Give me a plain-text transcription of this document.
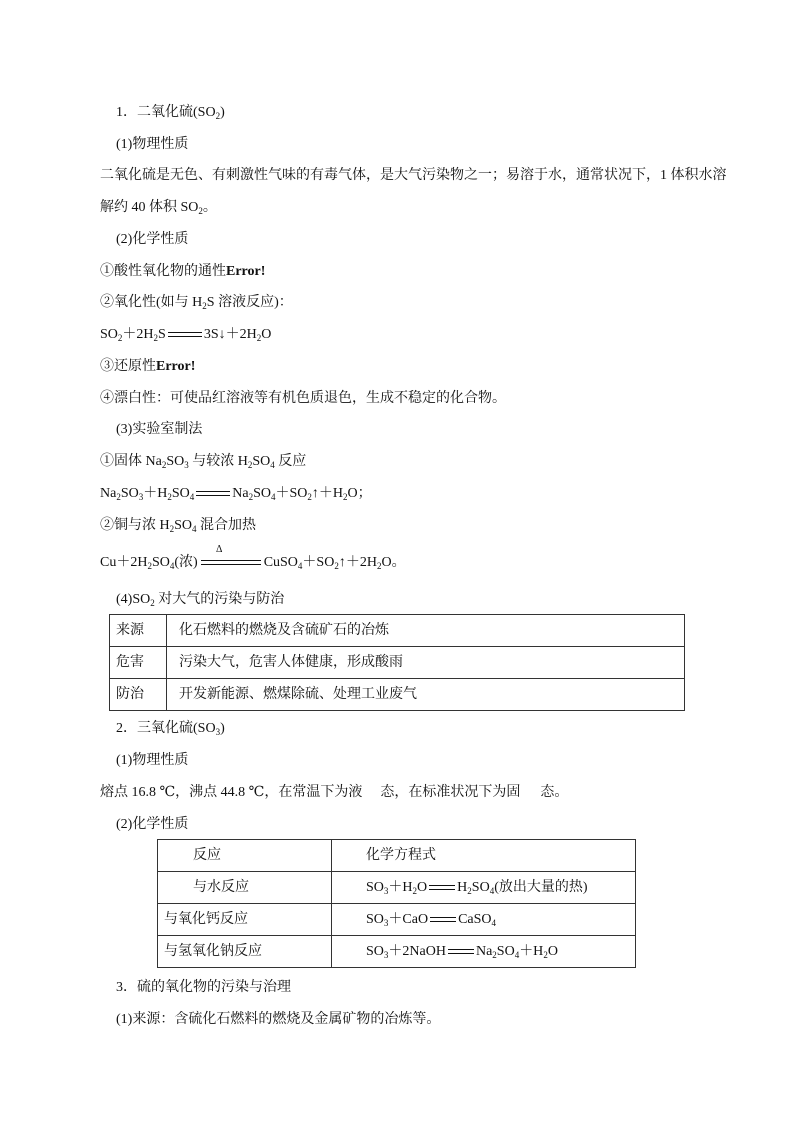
1．二氧化硫$(SO_2)$
(1)物理性质
二氧化硫是无色、有刺激性气味的有毒气体，是大气污染物之一；易溶于水，通常状况下，1 体积水溶
解约 40 体积 $SO_2$。
(2)化学性质
①酸性氧化物的通性Error!
②氧化性(如与 $H_2S$ 溶液反应)：
$SO_2+2H_2S$	$3S↓+2H_2O$
③还原性Error!
④漂白性：可使品红溶液等有机色质退色，生成不稳定的化合物。
(3)实验室制法
①固体 $Na_2SO_3$ 与较浓 $H_2SO_4$ 反应
$Na_2SO_3+H_2SO_4$	$Na_2SO_4+SO_2↑+H_2O$；
②铜与浓 $H_2SO_4$ 混合加热
Δ
$Cu+2H_2SO_4$(浓)	$CuSO_4+SO_2↑+2H_2O$。
$(4)SO_2$ 对大气的污染与防治
来源	化石燃料的燃烧及含硫矿石的冶炼
危害	污染大气，危害人体健康，形成酸雨
防治	开发新能源、燃煤除硫、处理工业废气
2．三氧化硫$(SO_3)$
(1)物理性质
熔点 16.8 ℃，沸点 44.8 ℃，在常温下为液 态，在标准状况下为固 态。
(2)化学性质
反应	化学方程式
与水反应	$SO_3+H_2O$ $H_2SO_4$(放出大量的热)
与氧化钙反应	$SO_3+CaO$ CaSO$_4$
与氢氧化钠反应	$SO_3+2NaOH$ $Na_2SO_4+H_2O$
3．硫的氧化物的污染与治理
(1)来源：含硫化石燃料的燃烧及金属矿物的冶炼等。
